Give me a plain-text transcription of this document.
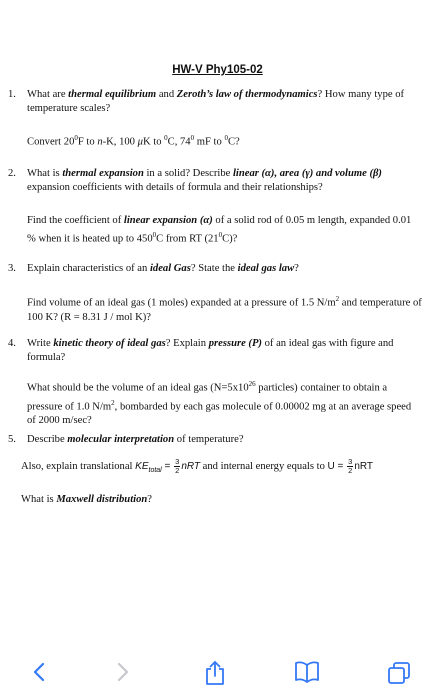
HW-V Phy105-02
1. What are thermal equilibrium and Zeroth’s law of thermodynamics? How many type of temperature scales?
Convert $20^0F$ to n-K, 100 μK to $^0$C, $74^0$ mF to $^0$C?
2. What is thermal expansion in a solid? Describe linear (α), area (γ) and volume (β) expansion coefficients with details of formula and their relationships?
Find the coefficient of linear expansion (α) of a solid rod of 0.05 m length, expanded 0.01 % when it is heated up to $450^0C$ from RT $(21^0C)$?
3. Explain characteristics of an ideal Gas? State the ideal gas law?
Find volume of an ideal gas (1 moles) expanded at a pressure of 1.5 $N/m^2$ and temperature of 100 K? (R = 8.31 J / mol K)?
4. Write kinetic theory of ideal gas? Explain pressure (P) of an ideal gas with figure and formula?
What should be the volume of an ideal gas ($N=5x10^{26}$ particles) container to obtain a pressure of 1.0 $N/m^2$, bombarded by each gas molecule of 0.00002 mg at an average speed of 2000 m/sec?
5. Describe molecular interpretation of temperature?
Also, explain translational $KE_{total} = \frac{3}{2}$ nRT and internal energy equals to $U = \frac{3}{2}$ nRT
What is Maxwell distribution?
